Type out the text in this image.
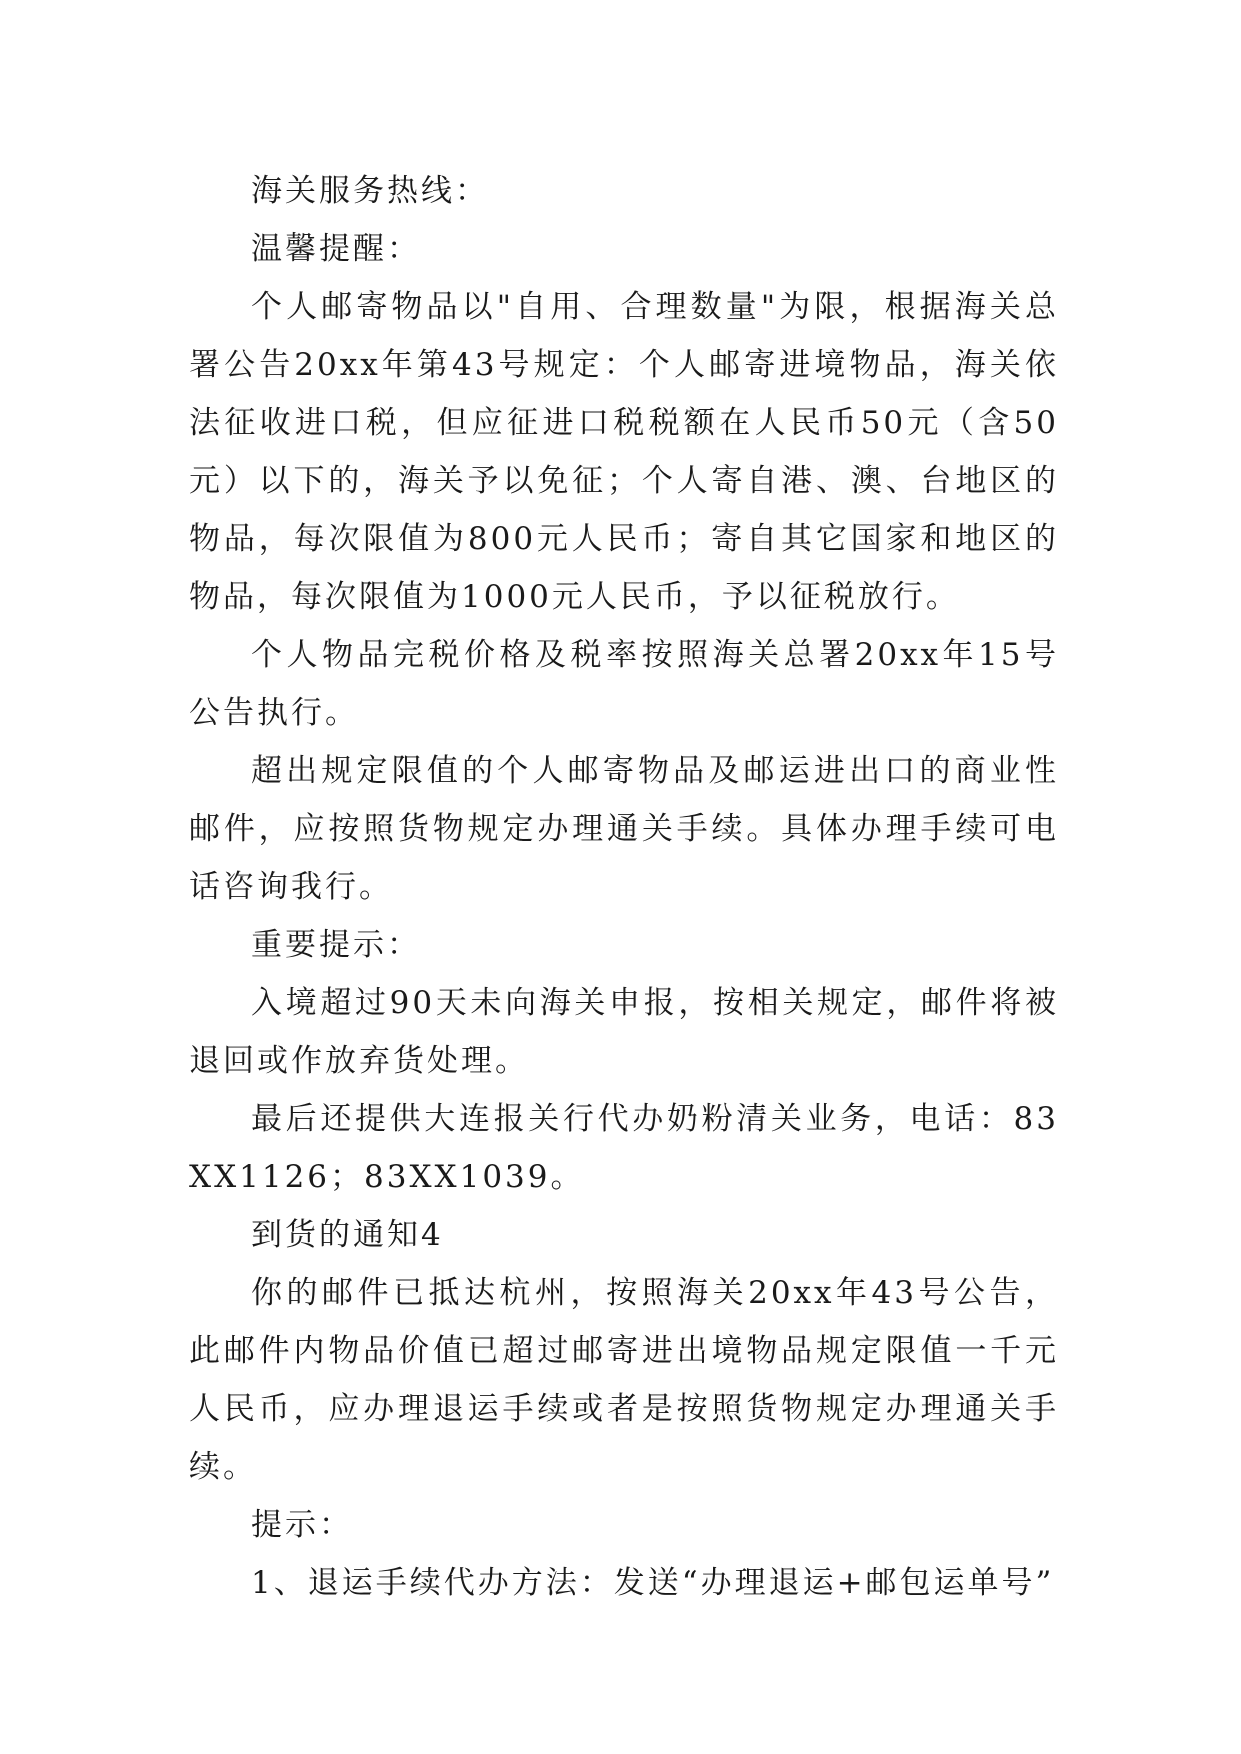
海关服务热线：

温馨提醒：

个人邮寄物品以"自用、合理数量"为限，根据海关总署公告20xx年第43号规定：个人邮寄进境物品，海关依法征收进口税，但应征进口税税额在人民币50元（含50元）以下的，海关予以免征；个人寄自港、澳、台地区的物品，每次限值为800元人民币；寄自其它国家和地区的物品，每次限值为1000元人民币，予以征税放行。

个人物品完税价格及税率按照海关总署20xx年15号公告执行。

超出规定限值的个人邮寄物品及邮运进出口的商业性邮件，应按照货物规定办理通关手续。具体办理手续可电话咨询我行。

重要提示：

入境超过90天未向海关申报，按相关规定，邮件将被退回或作放弃货处理。

最后还提供大连报关行代办奶粉清关业务，电话：83XX1126；83XX1039。

到货的通知4

你的邮件已抵达杭州，按照海关20xx年43号公告，此邮件内物品价值已超过邮寄进出境物品规定限值一千元人民币，应办理退运手续或者是按照货物规定办理通关手续。

提示：

1、退运手续代办方法：发送“办理退运+邮包运单号”
